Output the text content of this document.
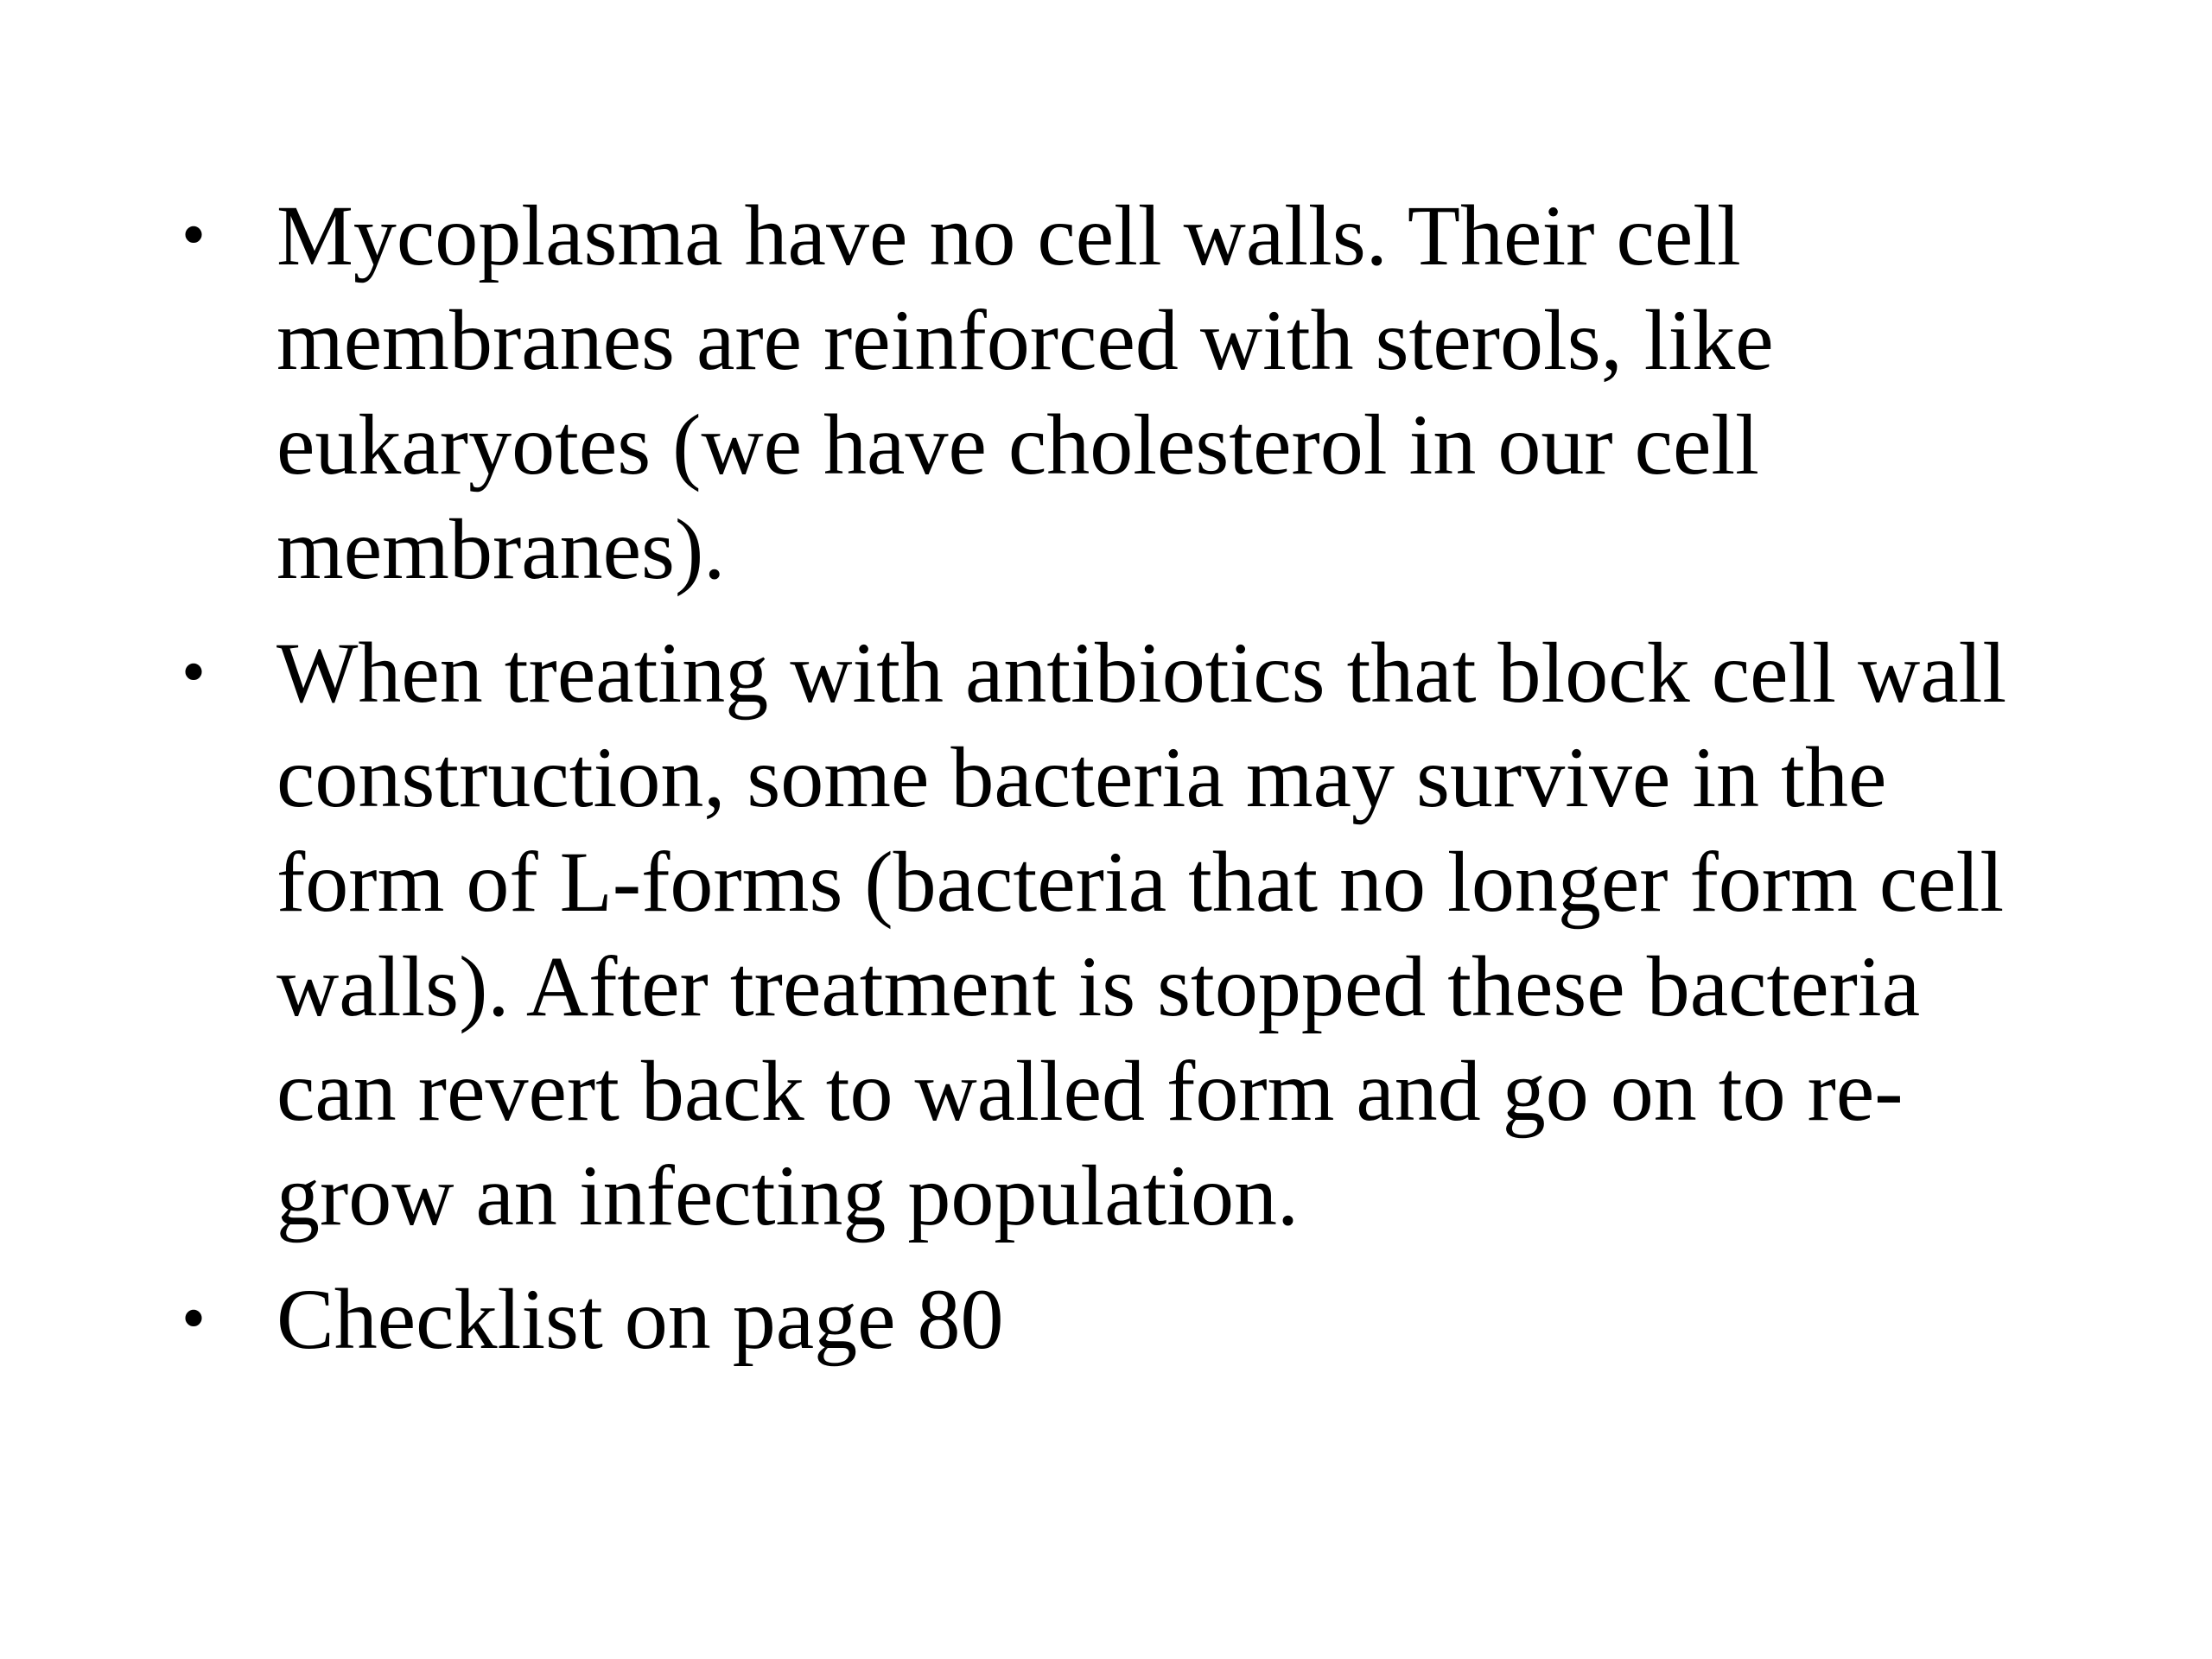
• Mycoplasma have no cell walls. Their cell
membranes are reinforced with sterols, like
eukaryotes (we have cholesterol in our cell
membranes).
• When treating with antibiotics that block cell wall
construction, some bacteria may survive in the
form of L-forms (bacteria that no longer form cell
walls). After treatment is stopped these bacteria
can revert back to walled form and go on to re-
grow an infecting population.
• Checklist on page 80
